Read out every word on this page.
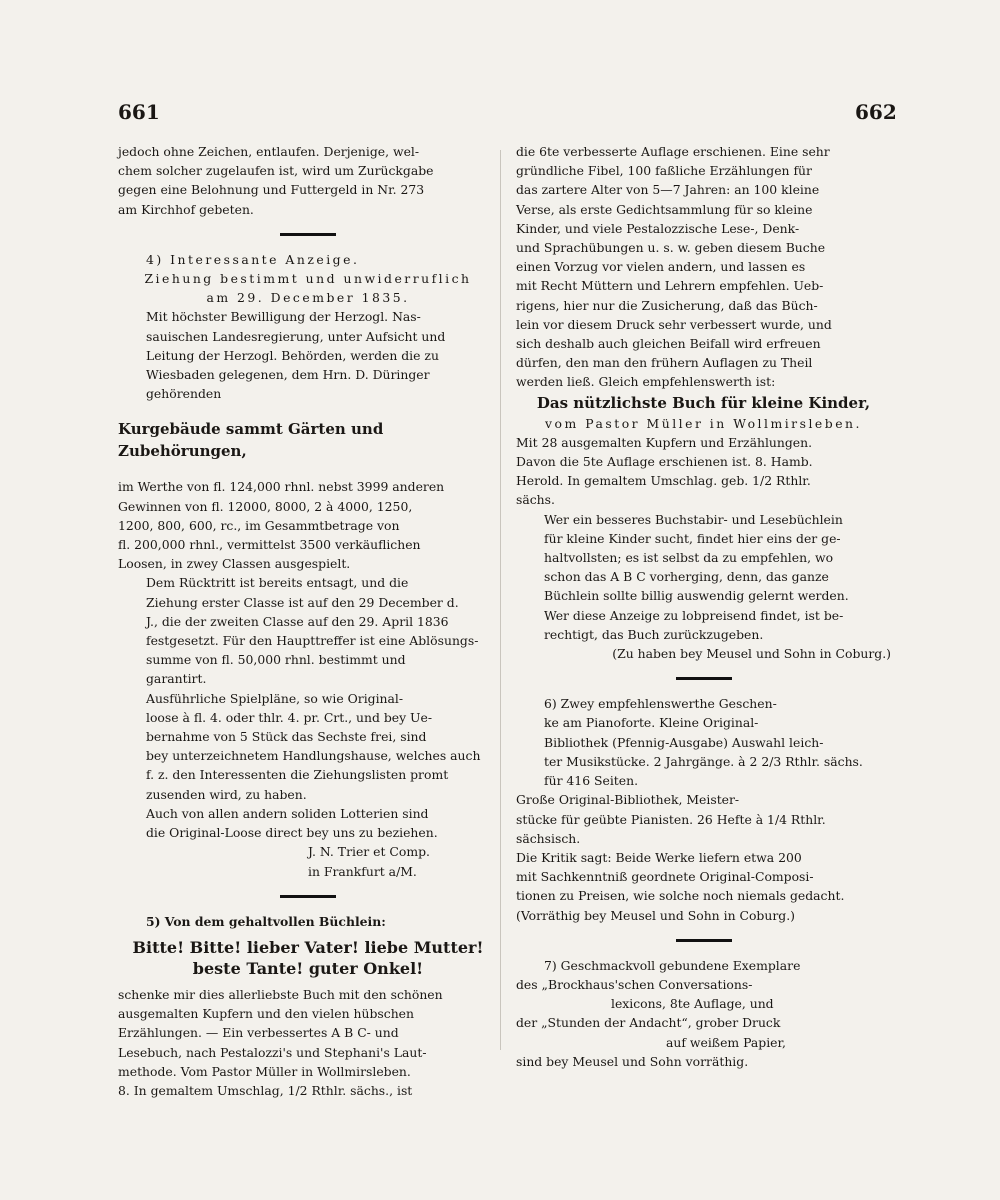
661	662

jedoch ohne Zeichen, entlaufen. Derjenige, wel-
chem solcher zugelaufen ist, wird um Zurückgabe
gegen eine Belohnung und Futtergeld in Nr. 273
am Kirchhof gebeten.

4) Interessante Anzeige.

Ziehung bestimmt und unwiderruflich
am 29. December 1835.

Mit höchster Bewilligung der Herzogl. Nas-
sauischen Landesregierung, unter Aufsicht und
Leitung der Herzogl. Behörden, werden die zu
Wiesbaden gelegenen, dem Hrn. D. Düringer
gehörenden

Kurgebäude sammt Gärten und Zubehörungen,

im Werthe von fl. 124,000 rhnl. nebst 3999 anderen
Gewinnen von fl. 12000, 8000, 2 à 4000, 1250,
1200, 800, 600, rc., im Gesammtbetrage von
fl. 200,000 rhnl., vermittelst 3500 verkäuflichen
Loosen, in zwey Classen ausgespielt.

Dem Rücktritt ist bereits entsagt, und die
Ziehung erster Classe ist auf den 29 December d.
J., die der zweiten Classe auf den 29. April 1836
festgesetzt. Für den Haupttreffer ist eine Ablösungs-
summe von fl. 50,000 rhnl. bestimmt und
garantirt.

Ausführliche Spielpläne, so wie Original-
loose à fl. 4. oder thlr. 4. pr. Crt., und bey Ue-
bernahme von 5 Stück das Sechste frei, sind
bey unterzeichnetem Handlungshause, welches auch
f. z. den Interessenten die Ziehungslisten promt
zusenden wird, zu haben.

Auch von allen andern soliden Lotterien sind
die Original-Loose direct bey uns zu beziehen.

J. N. Trier et Comp.
in Frankfurt a/M.

5) Von dem gehaltvollen Büchlein:

Bitte! Bitte! lieber Vater! liebe Mutter!
beste Tante! guter Onkel!

schenke mir dies allerliebste Buch mit den schönen
ausgemalten Kupfern und den vielen hübschen
Erzählungen. — Ein verbessertes A B C- und
Lesebuch, nach Pestalozzi's und Stephani's Laut-
methode. Vom Pastor Müller in Wollmirsleben.
8. In gemaltem Umschlag, 1/2 Rthlr. sächs., ist

die 6te verbesserte Auflage erschienen. Eine sehr
gründliche Fibel, 100 faßliche Erzählungen für
das zartere Alter von 5—7 Jahren: an 100 kleine
Verse, als erste Gedichtsammlung für so kleine
Kinder, und viele Pestalozzische Lese-, Denk-
und Sprachübungen u. s. w. geben diesem Buche
einen Vorzug vor vielen andern, und lassen es
mit Recht Müttern und Lehrern empfehlen. Ueb-
rigens, hier nur die Zusicherung, daß das Büch-
lein vor diesem Druck sehr verbessert wurde, und
sich deshalb auch gleichen Beifall wird erfreuen
dürfen, den man den frühern Auflagen zu Theil
werden ließ. Gleich empfehlenswerth ist:

Das nützlichste Buch für kleine Kinder,

vom Pastor Müller in Wollmirsleben.

Mit 28 ausgemalten Kupfern und Erzählungen.
Davon die 5te Auflage erschienen ist. 8. Hamb.
Herold. In gemaltem Umschlag. geb. 1/2 Rthlr.
sächs.

Wer ein besseres Buchstabir- und Lesebüchlein
für kleine Kinder sucht, findet hier eins der ge-
haltvollsten; es ist selbst da zu empfehlen, wo
schon das A B C vorherging, denn, das ganze
Büchlein sollte billig auswendig gelernt werden.
Wer diese Anzeige zu lobpreisend findet, ist be-
rechtigt, das Buch zurückzugeben.

(Zu haben bey Meusel und Sohn in Coburg.)

6) Zwey empfehlenswerthe Geschen-
ke am Pianoforte. Kleine Original-
Bibliothek (Pfennig-Ausgabe) Auswahl leich-
ter Musikstücke. 2 Jahrgänge. à 2 2/3 Rthlr. sächs.
für 416 Seiten.

Große Original-Bibliothek, Meister-
stücke für geübte Pianisten. 26 Hefte à 1/4 Rthlr.
sächsisch.

Die Kritik sagt: Beide Werke liefern etwa 200
mit Sachkenntniß geordnete Original-Composi-
tionen zu Preisen, wie solche noch niemals gedacht.
(Vorräthig bey Meusel und Sohn in Coburg.)

7) Geschmackvoll gebundene Exemplare
des „Brockhaus'schen Conversations-
lexicons, 8te Auflage, und
der „Stunden der Andacht“, grober Druck
auf weißem Papier,
sind bey Meusel und Sohn vorräthig.
